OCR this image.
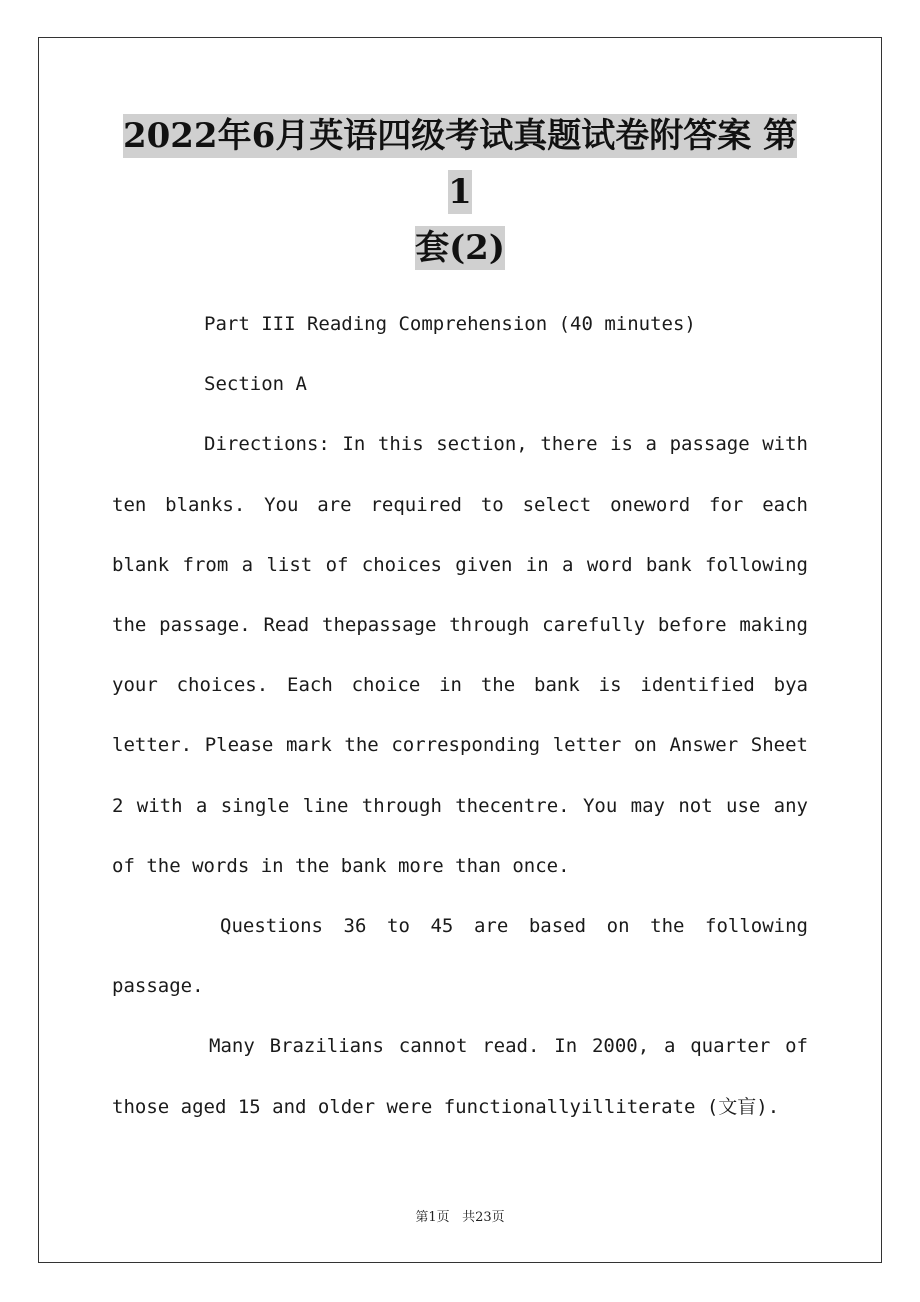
2022年6月英语四级考试真题试卷附答案 第1
套(2)

Part III Reading Comprehension (40 minutes)

Section A

Directions: In this section, there is a passage with ten blanks. You are required to select oneword for each blank from a list of choices given in a word bank following the passage. Read thepassage through carefully before making your choices. Each choice in the bank is identified bya letter. Please mark the corresponding letter on Answer Sheet 2 with a single line through thecentre. You may not use any of the words in the bank more than once.

Questions 36 to 45 are based on the following passage.

Many Brazilians cannot read. In 2000, a quarter of those aged 15 and older were functionallyilliterate (文盲).

第1页 共23页
